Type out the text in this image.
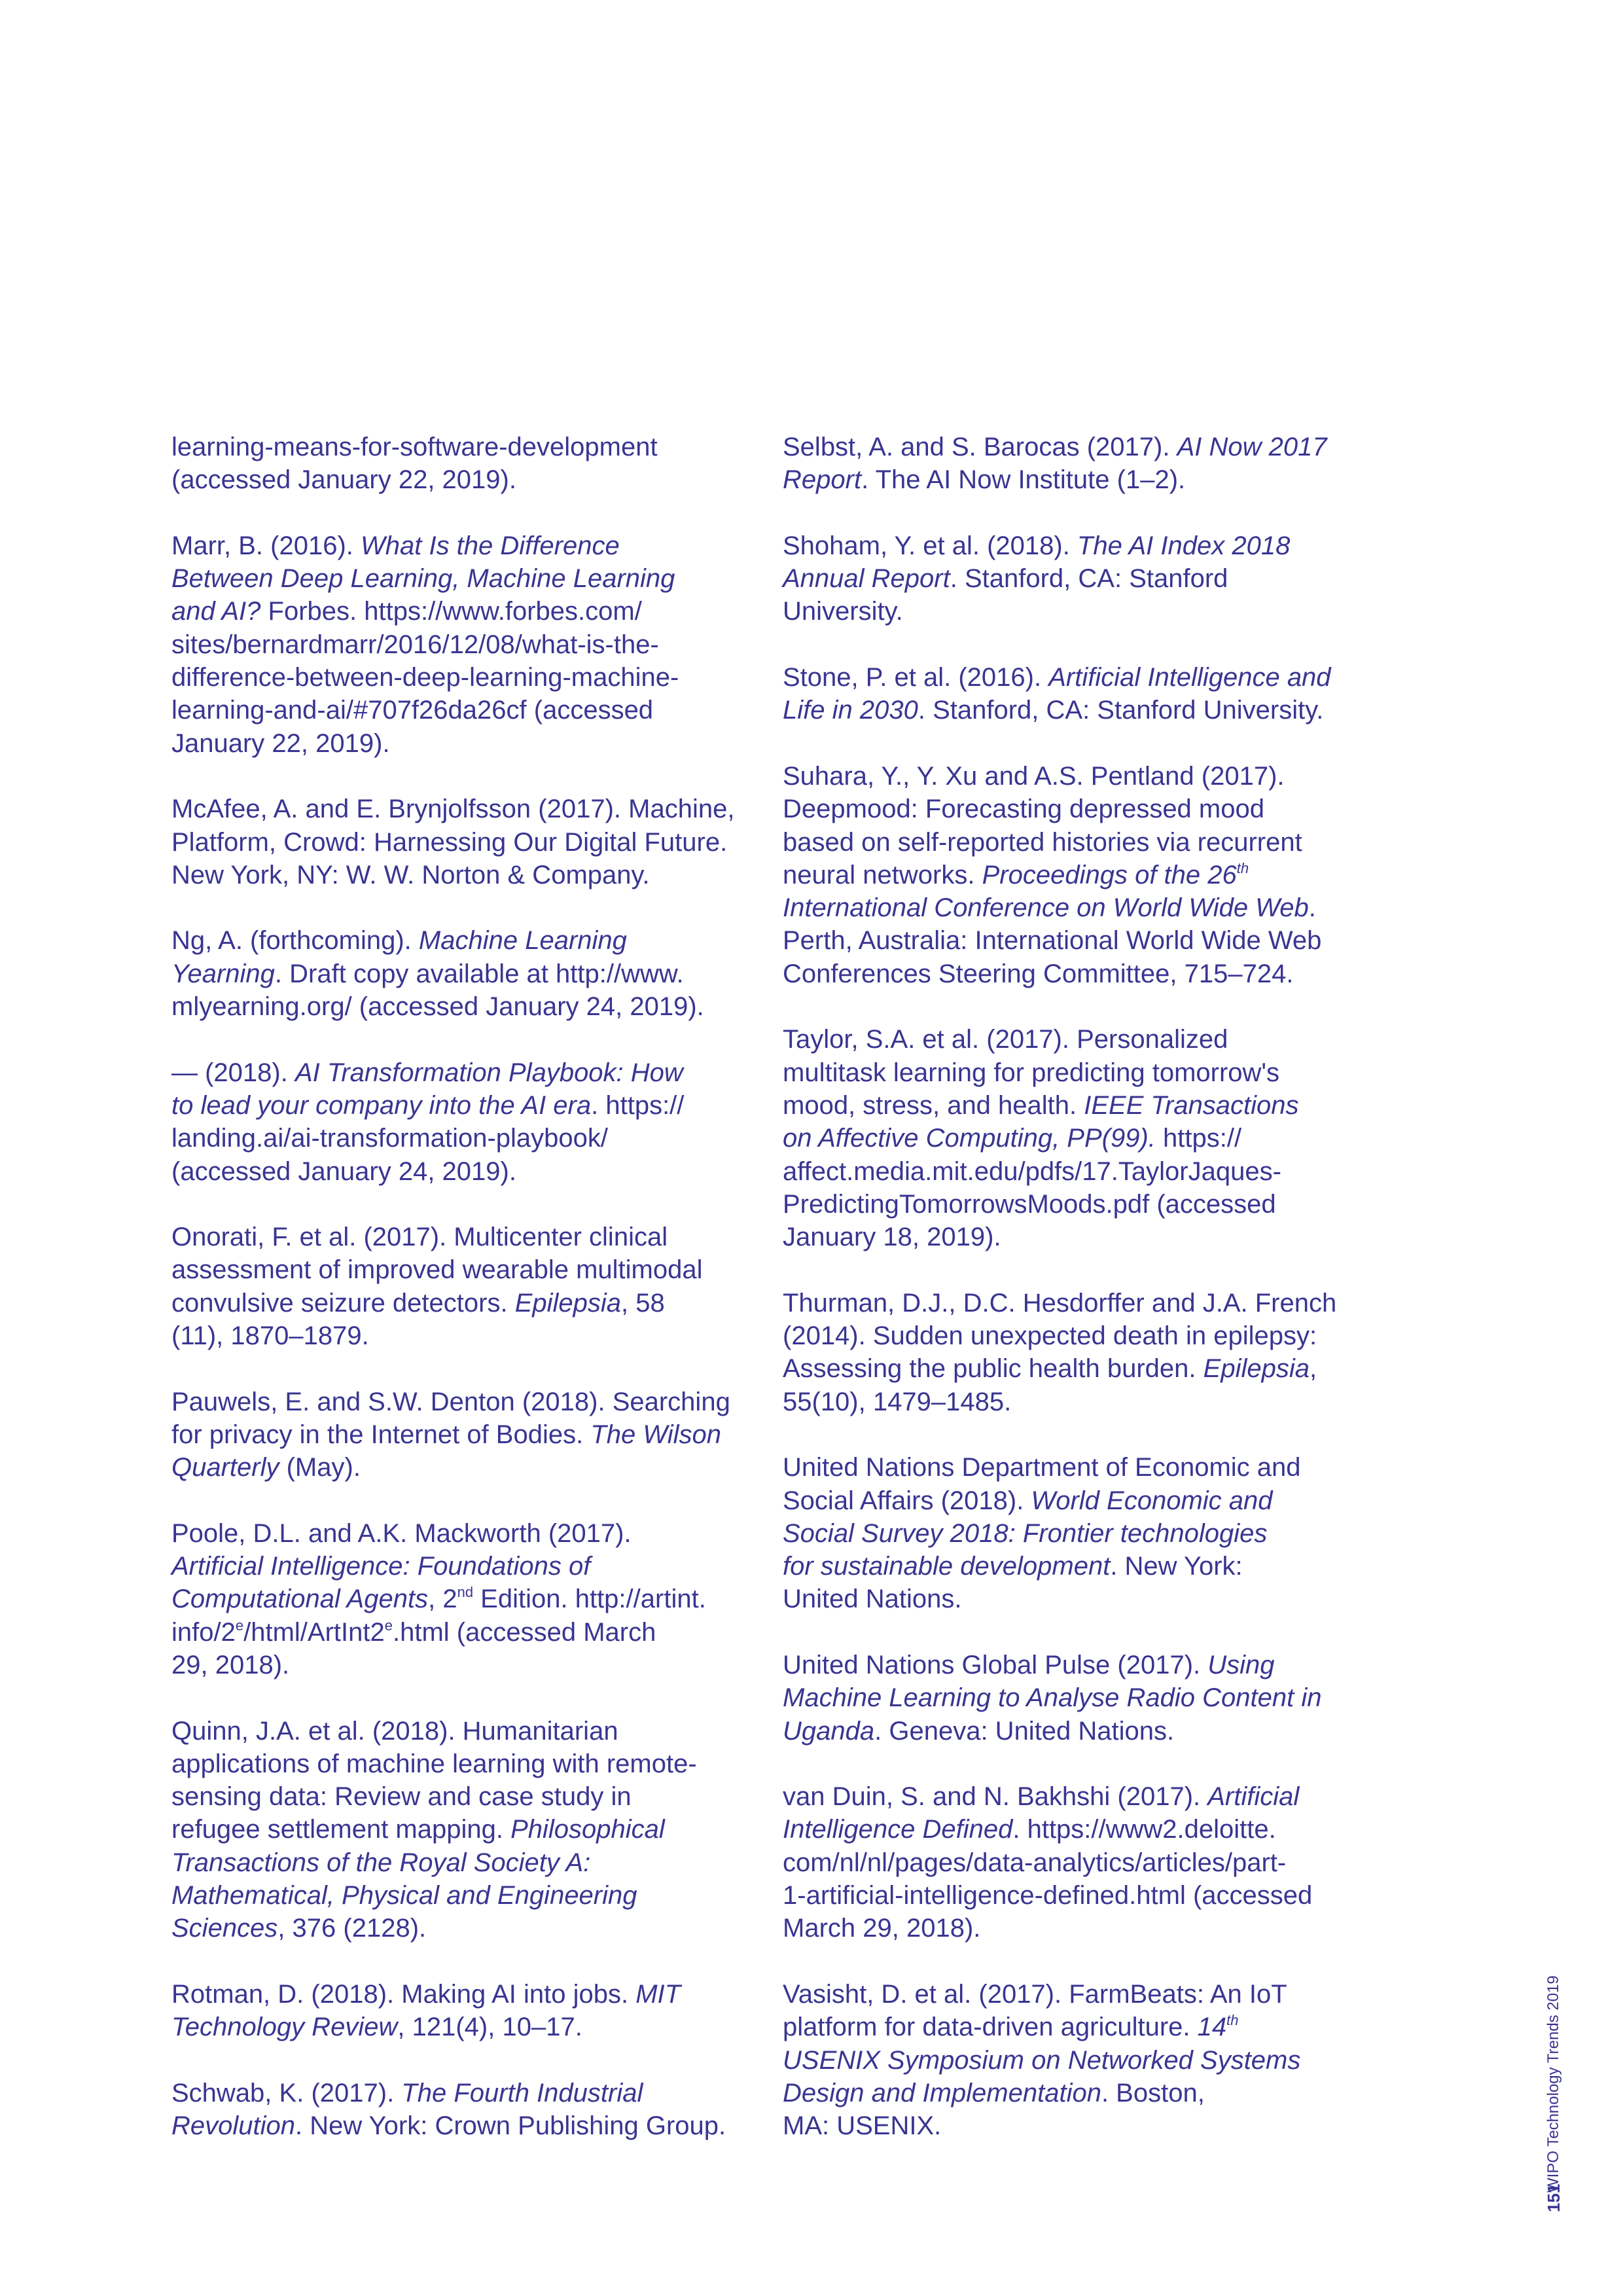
learning-means-for-software-development
(accessed January 22, 2019).

Marr, B. (2016). What Is the Difference
Between Deep Learning, Machine Learning
and AI? Forbes. https://www.forbes.com/
sites/bernardmarr/2016/12/08/what-is-the-
difference-between-deep-learning-machine-
learning-and-ai/#707f26da26cf (accessed
January 22, 2019).

McAfee, A. and E. Brynjolfsson (2017). Machine,
Platform, Crowd: Harnessing Our Digital Future.
New York, NY: W. W. Norton & Company.

Ng, A. (forthcoming). Machine Learning
Yearning. Draft copy available at http://www.
mlyearning.org/ (accessed January 24, 2019).

— (2018). AI Transformation Playbook: How
to lead your company into the AI era. https://
landing.ai/ai-transformation-playbook/
(accessed January 24, 2019).

Onorati, F. et al. (2017). Multicenter clinical
assessment of improved wearable multimodal
convulsive seizure detectors. Epilepsia, 58
(11), 1870–1879.

Pauwels, E. and S.W. Denton (2018). Searching
for privacy in the Internet of Bodies. The Wilson
Quarterly (May).

Poole, D.L. and A.K. Mackworth (2017).
Artificial Intelligence: Foundations of
Computational Agents, 2nd Edition. http://artint.
info/2e/html/ArtInt2e.html (accessed March
29, 2018).

Quinn, J.A. et al. (2018). Humanitarian
applications of machine learning with remote-
sensing data: Review and case study in
refugee settlement mapping. Philosophical
Transactions of the Royal Society A:
Mathematical, Physical and Engineering
Sciences, 376 (2128).

Rotman, D. (2018). Making AI into jobs. MIT
Technology Review, 121(4), 10–17.

Schwab, K. (2017). The Fourth Industrial
Revolution. New York: Crown Publishing Group.

Selbst, A. and S. Barocas (2017). AI Now 2017
Report. The AI Now Institute (1–2).

Shoham, Y. et al. (2018). The AI Index 2018
Annual Report. Stanford, CA: Stanford
University.

Stone, P. et al. (2016). Artificial Intelligence and
Life in 2030. Stanford, CA: Stanford University.

Suhara, Y., Y. Xu and A.S. Pentland (2017).
Deepmood: Forecasting depressed mood
based on self-reported histories via recurrent
neural networks. Proceedings of the 26th
International Conference on World Wide Web.
Perth, Australia: International World Wide Web
Conferences Steering Committee, 715–724.

Taylor, S.A. et al. (2017). Personalized
multitask learning for predicting tomorrow's
mood, stress, and health. IEEE Transactions
on Affective Computing, PP(99). https://
affect.media.mit.edu/pdfs/17.TaylorJaques-
PredictingTomorrowsMoods.pdf (accessed
January 18, 2019).

Thurman, D.J., D.C. Hesdorffer and J.A. French
(2014). Sudden unexpected death in epilepsy:
Assessing the public health burden. Epilepsia,
55(10), 1479–1485.

United Nations Department of Economic and
Social Affairs (2018). World Economic and
Social Survey 2018: Frontier technologies
for sustainable development. New York:
United Nations.

United Nations Global Pulse (2017). Using
Machine Learning to Analyse Radio Content in
Uganda. Geneva: United Nations.

van Duin, S. and N. Bakhshi (2017). Artificial
Intelligence Defined. https://www2.deloitte.
com/nl/nl/pages/data-analytics/articles/part-
1-artificial-intelligence-defined.html (accessed
March 29, 2018).

Vasisht, D. et al. (2017). FarmBeats: An IoT
platform for data-driven agriculture. 14th
USENIX Symposium on Networked Systems
Design and Implementation. Boston,
MA: USENIX.	WIPO Technology Trends 2019
151
